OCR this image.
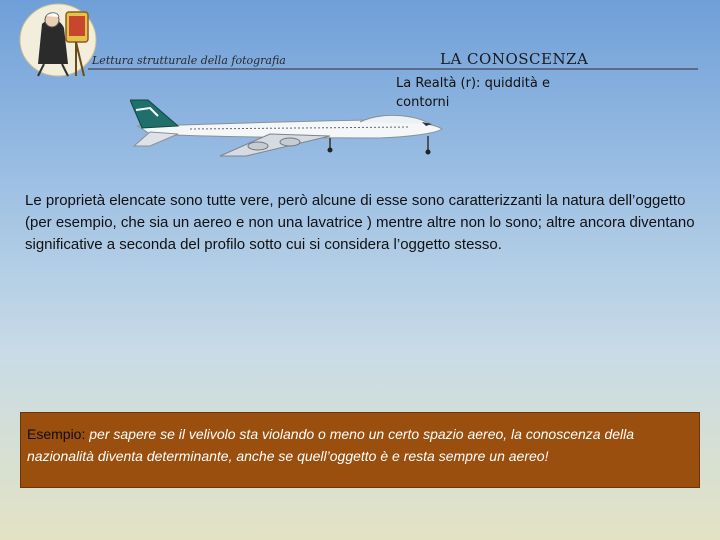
Lettura strutturale della fotografia	LA CONOSCENZA
La Realtà (r): quiddità e contorni
Le proprietà elencate sono tutte vere, però alcune di esse sono caratterizzanti la natura dell’oggetto (per esempio, che sia un aereo e non una lavatrice ) mentre altre non lo sono; altre ancora diventano significative a seconda del profilo sotto cui si considera l’oggetto stesso.
Esempio: per sapere se il velivolo sta violando o meno un certo spazio aereo, la conoscenza della nazionalità diventa determinante, anche se quell’oggetto è e resta sempre un aereo!
